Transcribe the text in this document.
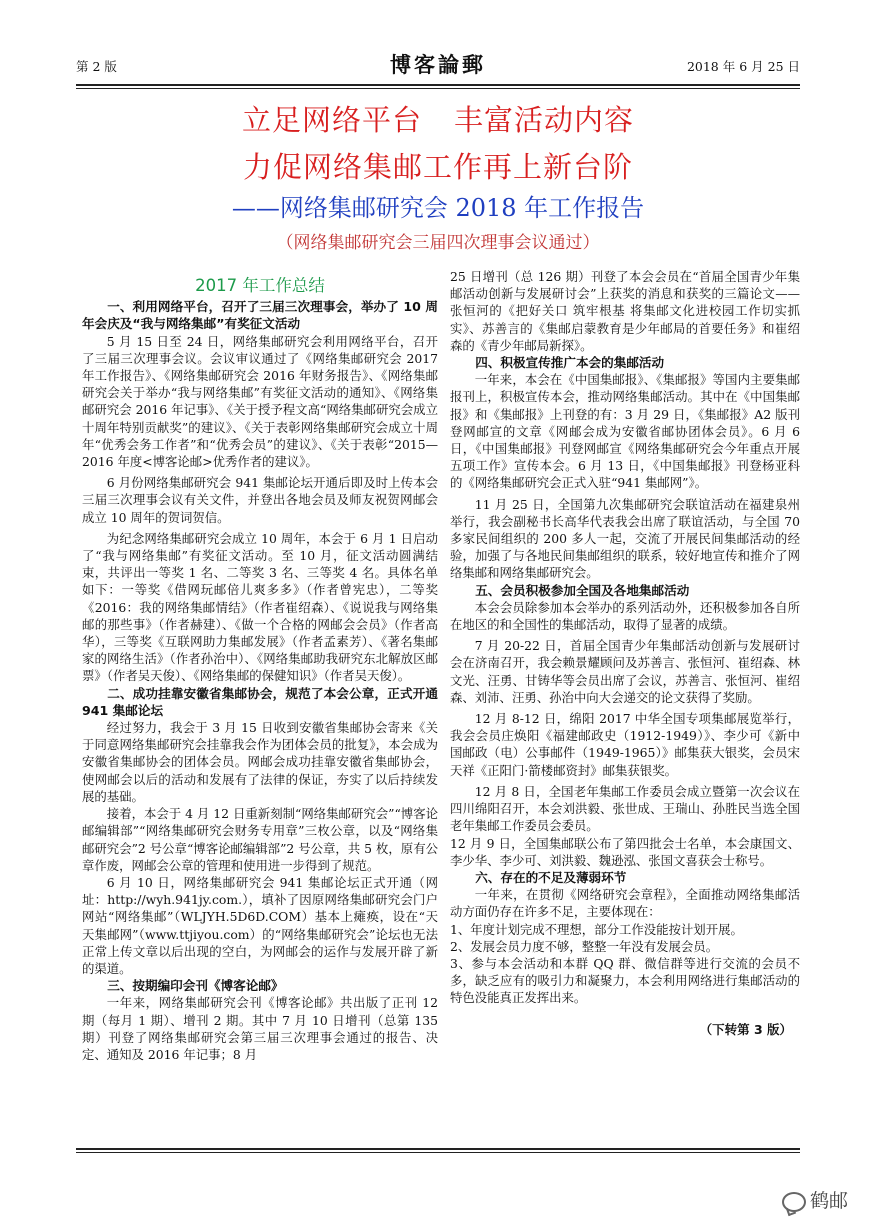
第 2 版	博客論郵	2018 年 6 月 25 日
立足网络平台 丰富活动内容
力促网络集邮工作再上新台阶
——网络集邮研究会 2018 年工作报告
（网络集邮研究会三届四次理事会议通过）
2017 年工作总结

一、利用网络平台，召开了三届三次理事会，举办了 10 周年会庆及“我与网络集邮”有奖征文活动

5 月 15 日至 24 日，网络集邮研究会利用网络平台，召开了三届三次理事会议。会议审议通过了《网络集邮研究会 2017 年工作报告》、《网络集邮研究会 2016 年财务报告》、《网络集邮研究会关于举办“我与网络集邮”有奖征文活动的通知》、《网络集邮研究会 2016 年记事》、《关于授予程文高“网络集邮研究会成立十周年特别贡献奖”的建议》、《关于表彰网络集邮研究会成立十周年“优秀会务工作者”和“优秀会员”的建议》、《关于表彰“2015—2016 年度<博客论邮>优秀作者的建议》。

6 月份网络集邮研究会 941 集邮论坛开通后即及时上传本会三届三次理事会议有关文件，并登出各地会员及师友祝贺网邮会成立 10 周年的贺词贺信。

为纪念网络集邮研究会成立 10 周年，本会于 6 月 1 日启动了“我与网络集邮”有奖征文活动。至 10 月，征文活动圆满结束，共评出一等奖 1 名、二等奖 3 名、三等奖 4 名。具体名单如下：一等奖《借网玩邮倍儿爽多多》（作者曾宪忠），二等奖《2016：我的网络集邮情结》（作者崔绍森）、《说说我与网络集邮的那些事》（作者赫建）、《做一个合格的网邮会会员》（作者高华），三等奖《互联网助力集邮发展》（作者孟素芳）、《著名集邮家的网络生活》（作者孙治中）、《网络集邮助我研究东北解放区邮票》（作者吴天俊）、《网络集邮的保健知识》（作者吴天俊）。

二、成功挂靠安徽省集邮协会，规范了本会公章，正式开通 941 集邮论坛

经过努力，我会于 3 月 15 日收到安徽省集邮协会寄来《关于同意网络集邮研究会挂靠我会作为团体会员的批复》，本会成为安徽省集邮协会的团体会员。网邮会成功挂靠安徽省集邮协会，使网邮会以后的活动和发展有了法律的保证，夯实了以后持续发展的基础。

接着，本会于 4 月 12 日重新刻制“网络集邮研究会”“博客论邮编辑部”“网络集邮研究会财务专用章”三枚公章，以及“网络集邮研究会”2 号公章“博客论邮编辑部”2 号公章，共 5 枚，原有公章作废，网邮会公章的管理和使用进一步得到了规范。

6 月 10 日，网络集邮研究会 941 集邮论坛正式开通（网址：http://wyh.941jy.com.），填补了因原网络集邮研究会门户网站“网络集邮”（WLJYH.5D6D.COM）基本上瘫痪，设在“天天集邮网”（www.ttjiyou.com）的“网络集邮研究会”论坛也无法正常上传文章以后出现的空白，为网邮会的运作与发展开辟了新的渠道。

三、按期编印会刊《博客论邮》

一年来，网络集邮研究会刊《博客论邮》共出版了正刊 12 期（每月 1 期）、增刊 2 期。其中 7 月 10 日增刊（总第 135 期）刊登了网络集邮研究会第三届三次理事会通过的报告、决定、通知及 2016 年记事；8 月

25 日增刊（总 126 期）刊登了本会会员在“首届全国青少年集邮活动创新与发展研讨会”上获奖的消息和获奖的三篇论文——张恒河的《把好关口 筑牢根基 将集邮文化进校园工作切实抓实》、苏善言的《集邮启蒙教育是少年邮局的首要任务》和崔绍森的《青少年邮局新探》。

四、积极宣传推广本会的集邮活动

一年来，本会在《中国集邮报》、《集邮报》等国内主要集邮报刊上，积极宣传本会，推动网络集邮活动。其中在《中国集邮报》和《集邮报》上刊登的有：3 月 29 日，《集邮报》A2 版刊登网邮宣的文章《网邮会成为安徽省邮协团体会员》。6 月 6 日，《中国集邮报》刊登网邮宣《网络集邮研究会今年重点开展五项工作》宣传本会。6 月 13 日，《中国集邮报》刊登杨亚科的《网络集邮研究会正式入驻“941 集邮网”》。

11 月 25 日，全国第九次集邮研究会联谊活动在福建泉州举行，我会副秘书长高华代表我会出席了联谊活动，与全国 70 多家民间组织的 200 多人一起，交流了开展民间集邮活动的经验，加强了与各地民间集邮组织的联系，较好地宣传和推介了网络集邮和网络集邮研究会。

五、会员积极参加全国及各地集邮活动

本会会员除参加本会举办的系列活动外，还积极参加各自所在地区的和全国性的集邮活动，取得了显著的成绩。

7 月 20-22 日，首届全国青少年集邮活动创新与发展研讨会在济南召开，我会赖景耀顾问及苏善言、张恒河、崔绍森、林文光、汪勇、甘铸华等会员出席了会议，苏善言、张恒河、崔绍森、刘沛、汪勇、孙治中向大会递交的论文获得了奖励。

12 月 8-12 日，绵阳 2017 中华全国专项集邮展览举行，我会会员庄焕阳《福建邮政史（1912-1949）》、李少可《新中国邮政（电）公事邮件（1949-1965）》邮集获大银奖，会员宋天祥《正阳门·箭楼邮资封》邮集获银奖。

12 月 8 日，全国老年集邮工作委员会成立暨第一次会议在四川绵阳召开，本会刘洪毅、张世成、王瑞山、孙胜民当选全国老年集邮工作委员会委员。

12 月 9 日，全国集邮联公布了第四批会士名单，本会康国文、李少华、李少可、刘洪毅、魏逊泓、张国文喜获会士称号。

六、存在的不足及薄弱环节

一年来，在贯彻《网络研究会章程》，全面推动网络集邮活动方面仍存在许多不足，主要体现在：

1、年度计划完成不理想，部分工作没能按计划开展。

2、发展会员力度不够，整整一年没有发展会员。

3、参与本会活动和本群 QQ 群、微信群等进行交流的会员不多，缺乏应有的吸引力和凝聚力，本会利用网络进行集邮活动的特色没能真正发挥出来。

（下转第 3 版）
鹤邮
